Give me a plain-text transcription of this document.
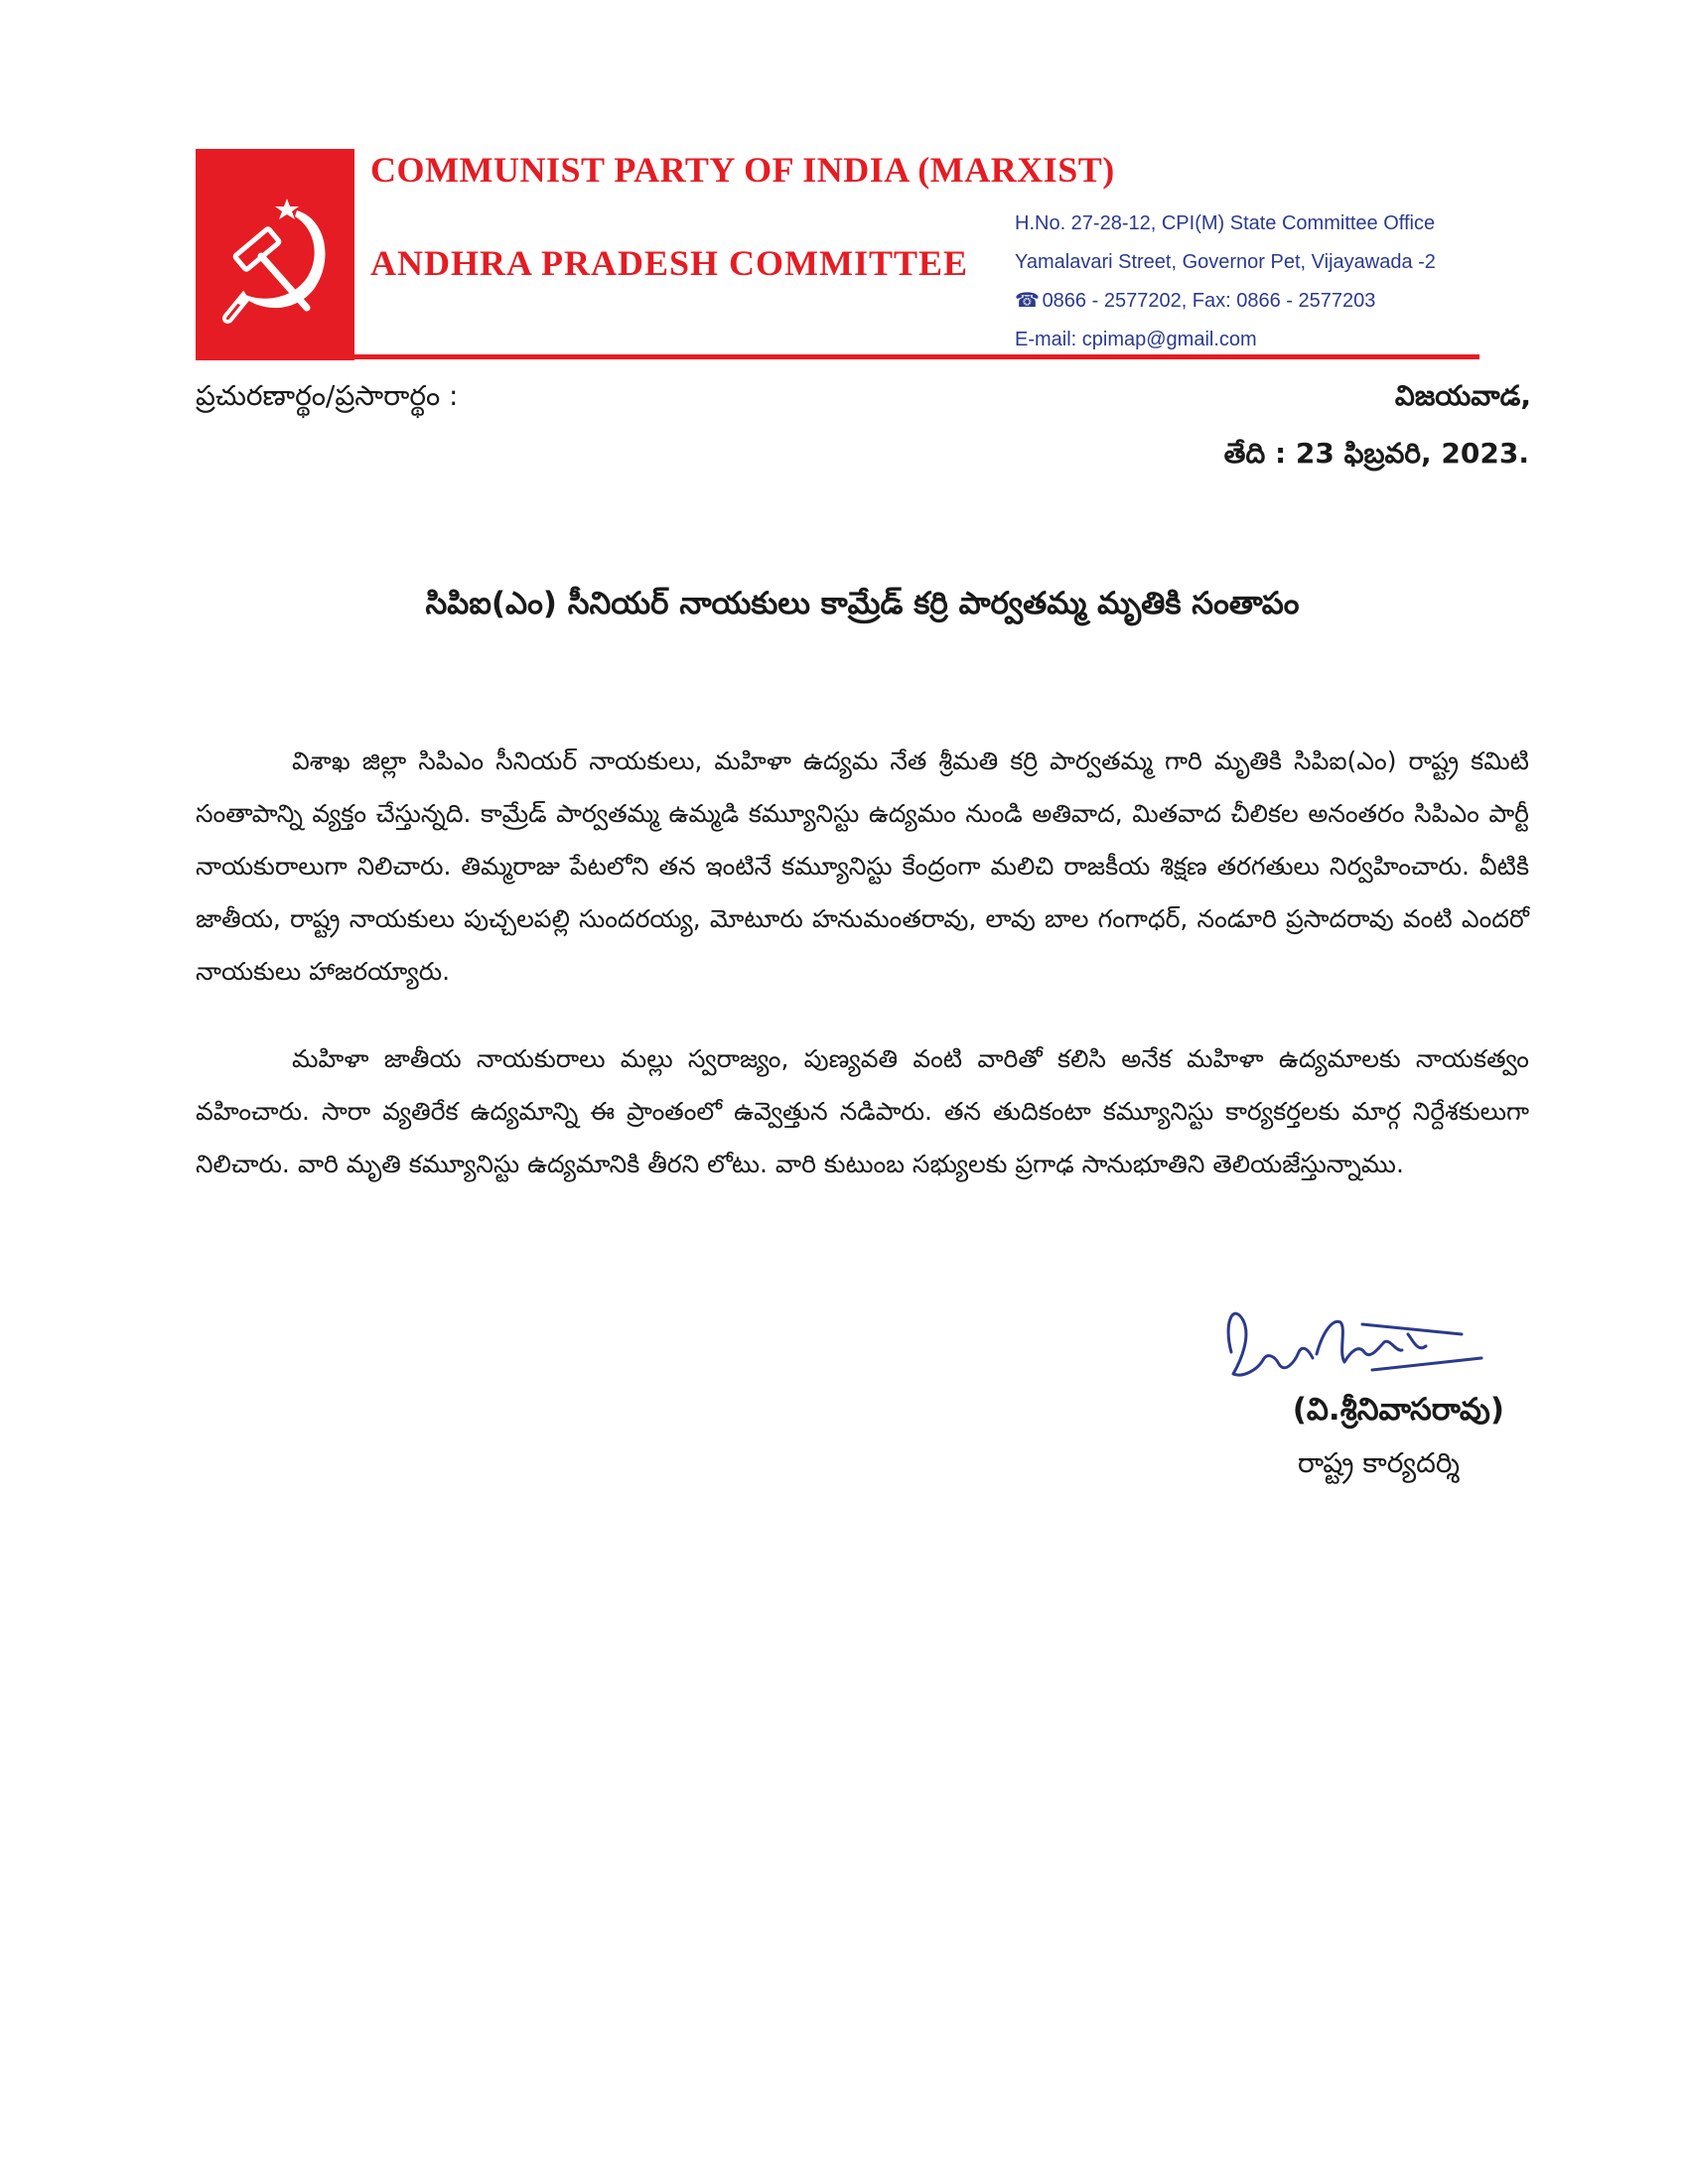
COMMUNIST PARTY OF INDIA (MARXIST)
ANDHRA PRADESH COMMITTEE
H.No. 27-28-12, CPI(M) State Committee Office
Yamalavari Street, Governor Pet, Vijayawada -2
☎ 0866 - 2577202, Fax: 0866 - 2577203
E-mail: cpimap@gmail.com
ప్రచురణార్థం/ప్రసారార్థం :	విజయవాడ,
తేది : 23 ఫిబ్రవరి, 2023.
సిపిఐ(ఎం) సీనియర్ నాయకులు కామ్రేడ్ కర్రి పార్వతమ్మ మృతికి సంతాపం
విశాఖ జిల్లా సిపిఎం సీనియర్ నాయకులు, మహిళా ఉద్యమ నేత శ్రీమతి కర్రి పార్వతమ్మ గారి మృతికి సిపిఐ(ఎం) రాష్ట్ర కమిటి సంతాపాన్ని వ్యక్తం చేస్తున్నది. కామ్రేడ్ పార్వతమ్మ ఉమ్మడి కమ్యూనిస్టు ఉద్యమం నుండి అతివాద, మితవాద చీలికల అనంతరం సిపిఎం పార్టీ నాయకురాలుగా నిలిచారు. తిమ్మరాజు పేటలోని తన ఇంటినే కమ్యూనిస్టు కేంద్రంగా మలిచి రాజకీయ శిక్షణ తరగతులు నిర్వహించారు. వీటికి జాతీయ, రాష్ట్ర నాయకులు పుచ్చలపల్లి సుందరయ్య, మోటూరు హనుమంతరావు, లావు బాల గంగాధర్, నండూరి ప్రసాదరావు వంటి ఎందరో నాయకులు హాజరయ్యారు.
మహిళా జాతీయ నాయకురాలు మల్లు స్వరాజ్యం, పుణ్యవతి వంటి వారితో కలిసి అనేక మహిళా ఉద్యమాలకు నాయకత్వం వహించారు. సారా వ్యతిరేక ఉద్యమాన్ని ఈ ప్రాంతంలో ఉవ్వెత్తున నడిపారు. తన తుదికంటా కమ్యూనిస్టు కార్యకర్తలకు మార్గ నిర్దేశకులుగా నిలిచారు. వారి మృతి కమ్యూనిస్టు ఉద్యమానికి తీరని లోటు. వారి కుటుంబ సభ్యులకు ప్రగాఢ సానుభూతిని తెలియజేస్తున్నాము.
(వి.శ్రీనివాసరావు)
రాష్ట్ర కార్యదర్శి
